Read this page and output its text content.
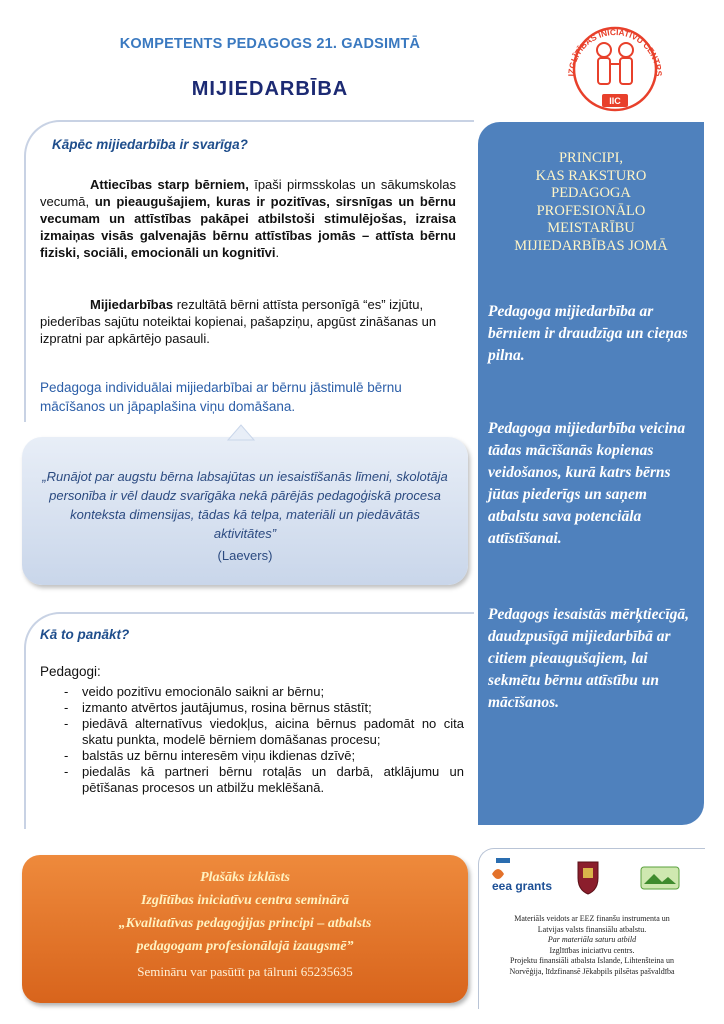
KOMPETENTS PEDAGOGS 21. GADSIMTĀ
MIJIEDARBĪBA
IZGLĪTĪBAS INICIATĪVU CENTRS
IIC
Kāpēc mijiedarbība ir svarīga?
Attiecības starp bērniem, īpaši pirmsskolas un sākumskolas vecumā, un pieaugušajiem, kuras ir pozitīvas, sirsnīgas un bērnu vecumam un attīstības pakāpei atbilstoši stimulējošas, izraisa izmaiņas visās galvenajās bērnu attīstības jomās – attīsta bērnu fiziski, sociāli, emocionāli un kognitīvi.
Mijiedarbības rezultātā bērni attīsta personīgā “es” izjūtu, piederības sajūtu noteiktai kopienai, pašapziņu, apgūst zināšanas un izpratni par apkārtējo pasauli.
Pedagoga individuālai mijiedarbībai ar bērnu jāstimulē bērnu mācīšanos un jāpaplašina viņu domāšana.
„Runājot par augstu bērna labsajūtas un iesaistīšanās līmeni, skolotāja personība ir vēl daudz svarīgāka nekā pārējās pedagoģiskā procesa konteksta dimensijas, tādas kā telpa, materiāli un piedāvātās aktivitātes”
(Laevers)
Kā to panākt?
Pedagogi:
- veido pozitīvu emocionālo saikni ar bērnu;
- izmanto atvērtos jautājumus, rosina bērnus stāstīt;
- piedāvā alternatīvus viedokļus, aicina bērnus padomāt no cita skatu punkta, modelē bērniem domāšanas procesu;
- balstās uz bērnu interesēm viņu ikdienas dzīvē;
- piedalās kā partneri bērnu rotaļās un darbā, atklājumu un pētīšanas procesos un atbilžu meklēšanā.
PRINCIPI,
KAS RAKSTURO
PEDAGOGA
PROFESIONĀLO
MEISTARĪBU
MIJIEDARBĪBAS JOMĀ
Pedagoga mijiedarbība ar bērniem ir draudzīga un cieņas pilna.
Pedagoga mijiedarbība veicina tādas mācīšanās kopienas veidošanos, kurā katrs bērns jūtas piederīgs un saņem atbalstu sava potenciāla attīstīšanai.
Pedagogs iesaistās mērķtiecīgā, daudzpusīgā mijiedarbībā ar citiem pieaugušajiem, lai sekmētu bērnu attīstību un mācīšanos.
Plašāks izklāsts
Izglītības iniciatīvu centra seminārā
„Kvalitatīvas pedagoģijas principi – atbalsts
pedagogam profesionālajā izaugsmē”
Semināru var pasūtīt pa tālruni 65235635
eea grants
Materiāls veidots ar EEZ finanšu instrumenta un
Latvijas valsts finansiālu atbalstu.
Par materiāla saturu atbild
Izglītības iniciatīvu centrs.
Projektu finansiāli atbalsta Islande, Lihtenšteina un
Norvēģija, līdzfinansē Jēkabpils pilsētas pašvaldība
